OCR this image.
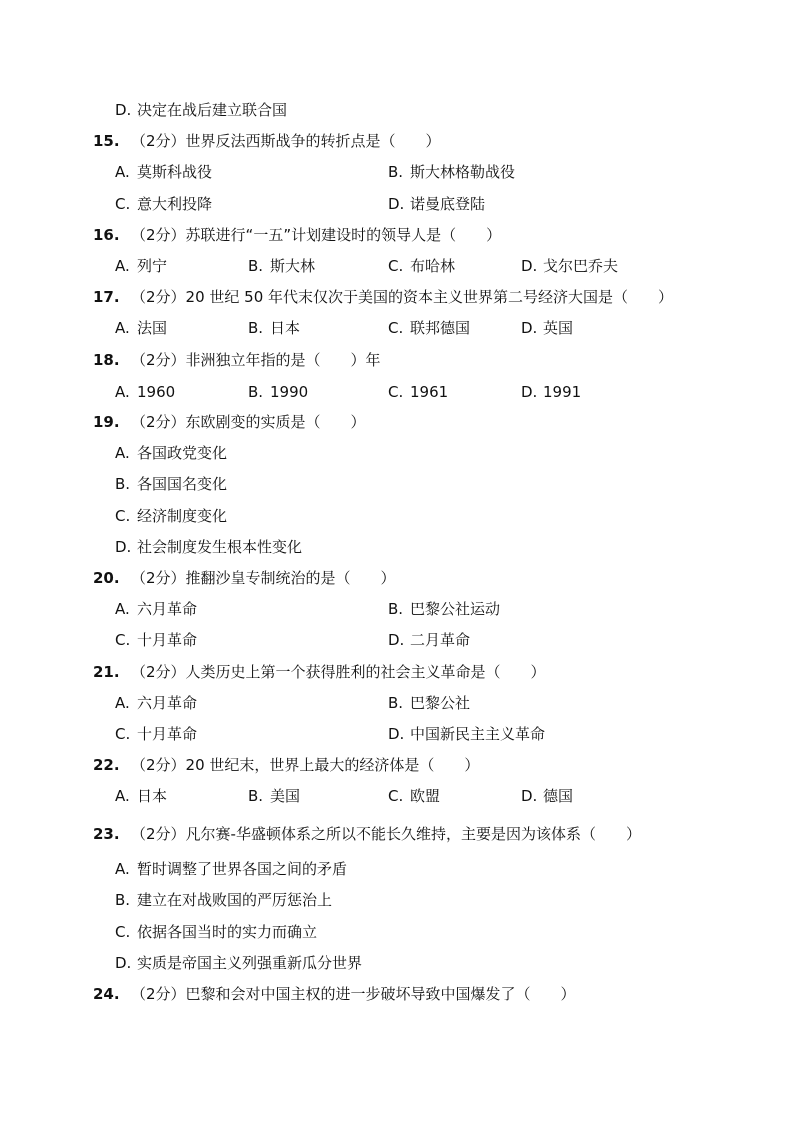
D. 决定在战后建立联合国
15. （2分）世界反法西斯战争的转折点是（　　）
A. 莫斯科战役	B. 斯大林格勒战役
C. 意大利投降	D. 诺曼底登陆
16. （2分）苏联进行“一五”计划建设时的领导人是（　　）
A. 列宁	B. 斯大林	C. 布哈林	D. 戈尔巴乔夫
17. （2分）20 世纪 50 年代末仅次于美国的资本主义世界第二号经济大国是（　　）
A. 法国	B. 日本	C. 联邦德国	D. 英国
18. （2分）非洲独立年指的是（　　）年
A. 1960	B. 1990	C. 1961	D. 1991
19. （2分）东欧剧变的实质是（　　）
A. 各国政党变化
B. 各国国名变化
C. 经济制度变化
D. 社会制度发生根本性变化
20. （2分）推翻沙皇专制统治的是（　　）
A. 六月革命	B. 巴黎公社运动
C. 十月革命	D. 二月革命
21. （2分）人类历史上第一个获得胜利的社会主义革命是（　　）
A. 六月革命	B. 巴黎公社
C. 十月革命	D. 中国新民主主义革命
22. （2分）20 世纪末，世界上最大的经济体是（　　）
A. 日本	B. 美国	C. 欧盟	D. 德国
23. （2分）凡尔赛-华盛顿体系之所以不能长久维持，主要是因为该体系（　　）
A. 暂时调整了世界各国之间的矛盾
B. 建立在对战败国的严厉惩治上
C. 依据各国当时的实力而确立
D. 实质是帝国主义列强重新瓜分世界
24. （2分）巴黎和会对中国主权的进一步破坏导致中国爆发了（　　）
